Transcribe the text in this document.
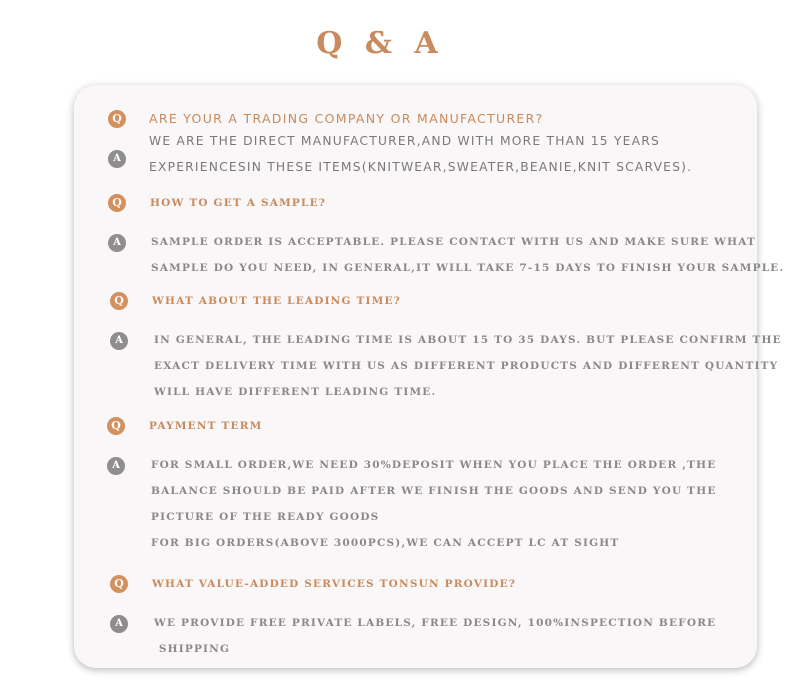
Q & A
Q	ARE YOUR A TRADING COMPANY OR MANUFACTURER?
A
WE ARE THE DIRECT MANUFACTURER,AND WITH MORE THAN 15 YEARS
EXPERIENCESIN THESE ITEMS(KNITWEAR,SWEATER,BEANIE,KNIT SCARVES).
Q	HOW TO GET A SAMPLE?
A	SAMPLE ORDER IS ACCEPTABLE. PLEASE CONTACT WITH US AND MAKE SURE WHAT
SAMPLE DO YOU NEED, IN GENERAL,IT WILL TAKE 7-15 DAYS TO FINISH YOUR SAMPLE.
Q	WHAT ABOUT THE LEADING TIME?
A	IN GENERAL, THE LEADING TIME IS ABOUT 15 TO 35 DAYS. BUT PLEASE CONFIRM THE
EXACT DELIVERY TIME WITH US AS DIFFERENT PRODUCTS AND DIFFERENT QUANTITY
WILL HAVE DIFFERENT LEADING TIME.
Q	PAYMENT TERM
A	FOR SMALL ORDER,WE NEED 30%DEPOSIT WHEN YOU PLACE THE ORDER ,THE
BALANCE SHOULD BE PAID AFTER WE FINISH THE GOODS AND SEND YOU THE
PICTURE OF THE READY GOODS
FOR BIG ORDERS(ABOVE 3000PCS),WE CAN ACCEPT LC AT SIGHT
Q	WHAT VALUE-ADDED SERVICES TONSUN PROVIDE?
A	WE PROVIDE FREE PRIVATE LABELS, FREE DESIGN, 100%INSPECTION BEFORE
SHIPPING
